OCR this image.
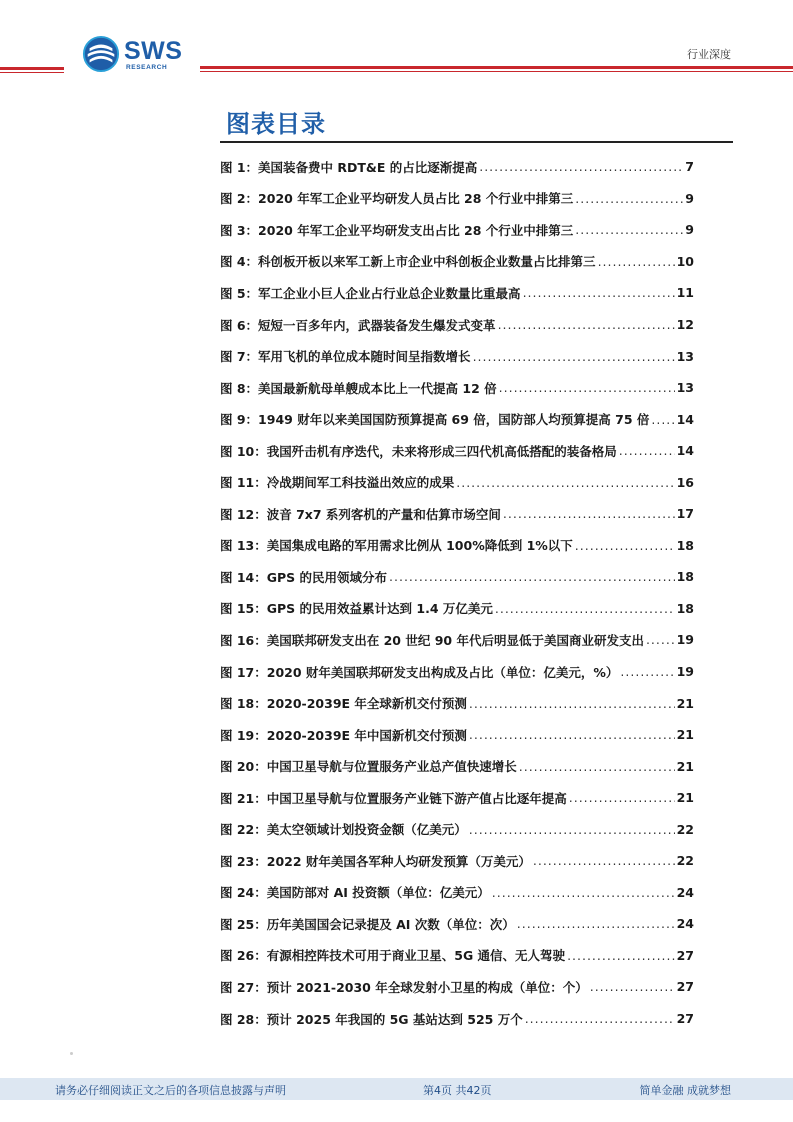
SWS
RESEARCH
行业深度
图表目录
图 1：美国装备费中 RDT&E 的占比逐渐提高 .....	7
图 2：2020 年军工企业平均研发人员占比 28 个行业中排第三 .....	9
图 3：2020 年军工企业平均研发支出占比 28 个行业中排第三 .....	9
图 4：科创板开板以来军工新上市企业中科创板企业数量占比排第三 .....	10
图 5：军工企业小巨人企业占行业总企业数量比重最高 .....	11
图 6：短短一百多年内，武器装备发生爆发式变革 .....	12
图 7：军用飞机的单位成本随时间呈指数增长 .....	13
图 8：美国最新航母单艘成本比上一代提高 12 倍 .....	13
图 9：1949 财年以来美国国防预算提高 69 倍，国防部人均预算提高 75 倍 ..... 14
图 10：我国歼击机有序迭代，未来将形成三四代机高低搭配的装备格局 .....	14
图 11：冷战期间军工科技溢出效应的成果 .....	16
图 12：波音 7x7 系列客机的产量和估算市场空间 .....	17
图 13：美国集成电路的军用需求比例从 100%降低到 1%以下 .....	18
图 14：GPS 的民用领域分布 .....	18
图 15：GPS 的民用效益累计达到 1.4 万亿美元 .....	18
图 16：美国联邦研发支出在 20 世纪 90 年代后明显低于美国商业研发支出 .....	19
图 17：2020 财年美国联邦研发支出构成及占比（单位：亿美元，%） .....	19
图 18：2020-2039E 年全球新机交付预测 .....	21
图 19：2020-2039E 年中国新机交付预测 .....	21
图 20：中国卫星导航与位置服务产业总产值快速增长 .....	21
图 21：中国卫星导航与位置服务产业链下游产值占比逐年提高 .....	21
图 22：美太空领域计划投资金额（亿美元） .....	22
图 23：2022 财年美国各军种人均研发预算（万美元） .....	22
图 24：美国防部对 AI 投资额（单位：亿美元） .....	24
图 25：历年美国国会记录提及 AI 次数（单位：次） .....	24
图 26：有源相控阵技术可用于商业卫星、5G 通信、无人驾驶 .....	27
图 27：预计 2021-2030 年全球发射小卫星的构成（单位：个） .....	27
图 28：预计 2025 年我国的 5G 基站达到 525 万个 .....	27
请务必仔细阅读正文之后的各项信息披露与声明	第4页 共42页	简单金融 成就梦想
